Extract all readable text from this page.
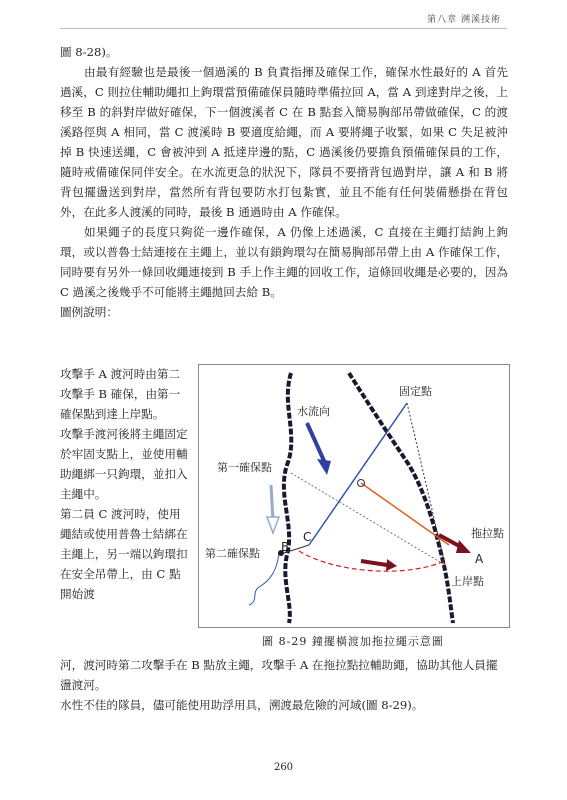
第八章 溯溪技術

圖 8-28)。

由最有經驗也是最後一個過溪的 B 負責指揮及確保工作，確保水性最好的 A 首先過溪，C 則拉住輔助繩扣上鉤環當預備確保員隨時準備拉回 A，當 A 到達對岸之後，上移至 B 的斜對岸做好確保，下一個渡溪者 C 在 B 點套入簡易胸部吊帶做確保，C 的渡溪路徑與 A 相同，當 C 渡溪時 B 要適度給繩，而 A 要將繩子收緊，如果 C 失足被沖掉 B 快速送繩，C 會被沖到 A 抵達岸邊的點，C 過溪後仍要擔負預備確保員的工作，隨時戒備確保同伴安全。在水流更急的狀況下，隊員不要揹背包過對岸，讓 A 和 B 將背包擺盪送到對岸，當然所有背包要防水打包紮實，並且不能有任何裝備懸掛在背包外，在此多人渡溪的同時，最後 B 通過時由 A 作確保。

如果繩子的長度只夠從一邊作確保，A 仍像上述過溪，C 直接在主繩打結鉤上鉤環，或以普魯士結連接在主繩上，並以有鎖鉤環勾在簡易胸部吊帶上由 A 作確保工作，同時要有另外一條回收繩連接到 B 手上作主繩的回收工作，這條回收繩是必要的，因為 C 過溪之後幾乎不可能將主繩拋回去給 B。

圖例說明：

攻擊手 A 渡河時由第二攻擊手 B 確保，由第一確保點到達上岸點。

攻擊手渡河後將主繩固定於牢固支點上，並使用輔助繩綁一只鉤環，並扣入主繩中。

第二員 C 渡河時，使用繩結或使用普魯士結綁在主繩上，另一端以鉤環扣在安全吊帶上，由 C 點開始渡

固定點
水流向
第一確保點
第二確保點 B
C	拖拉點
A
上岸點
圖 8-29 鐘擺橫渡加拖拉繩示意圖

河，渡河時第二攻擊手在 B 點放主繩，攻擊手 A 在拖拉點拉輔助繩，協助其他人員擺盪渡河。

水性不佳的隊員，儘可能使用助浮用具，溯渡最危險的河域(圖 8-29)。

260
